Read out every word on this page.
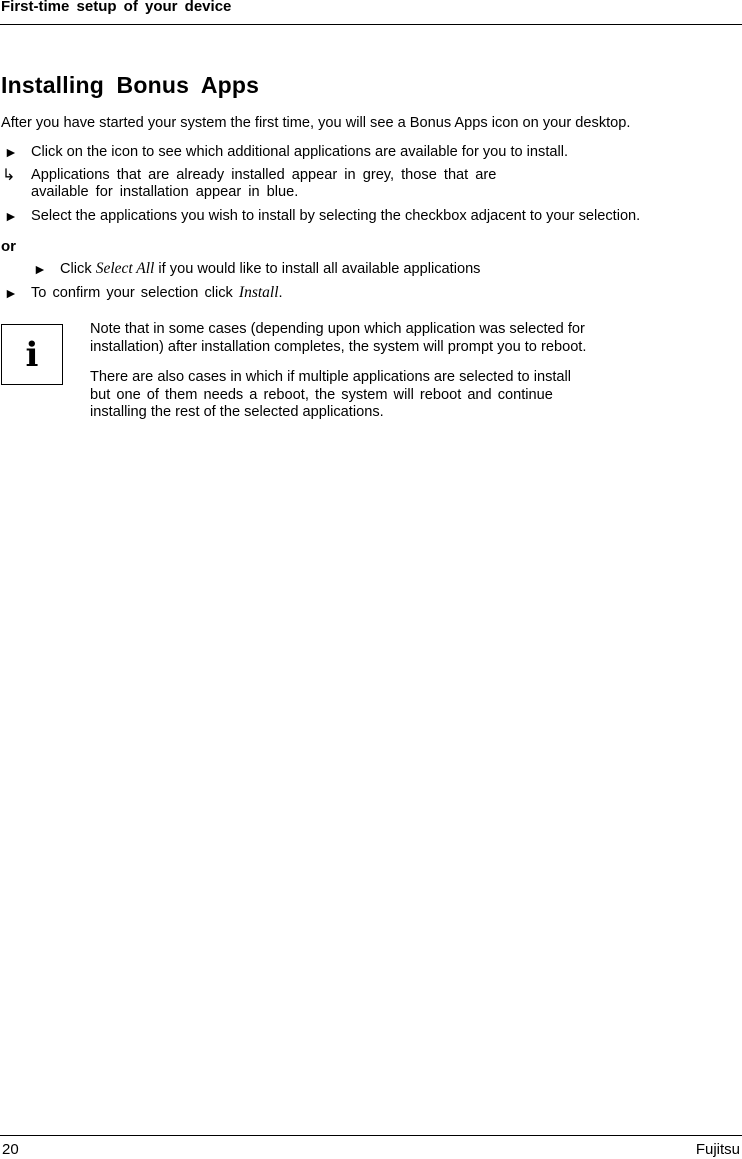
First-time setup of your device
Installing Bonus Apps
After you have started your system the first time, you will see a Bonus Apps icon on your desktop.
► Click on the icon to see which additional applications are available for you to install.
↳ Applications that are already installed appear in grey, those that are
available for installation appear in blue.
► Select the applications you wish to install by selecting the checkbox adjacent to your selection.
or
► Click Select All if you would like to install all available applications
► To confirm your selection click Install.
i
Note that in some cases (depending upon which application was selected for
installation) after installation completes, the system will prompt you to reboot.
There are also cases in which if multiple applications are selected to install
but one of them needs a reboot, the system will reboot and continue
installing the rest of the selected applications.
20	Fujitsu
